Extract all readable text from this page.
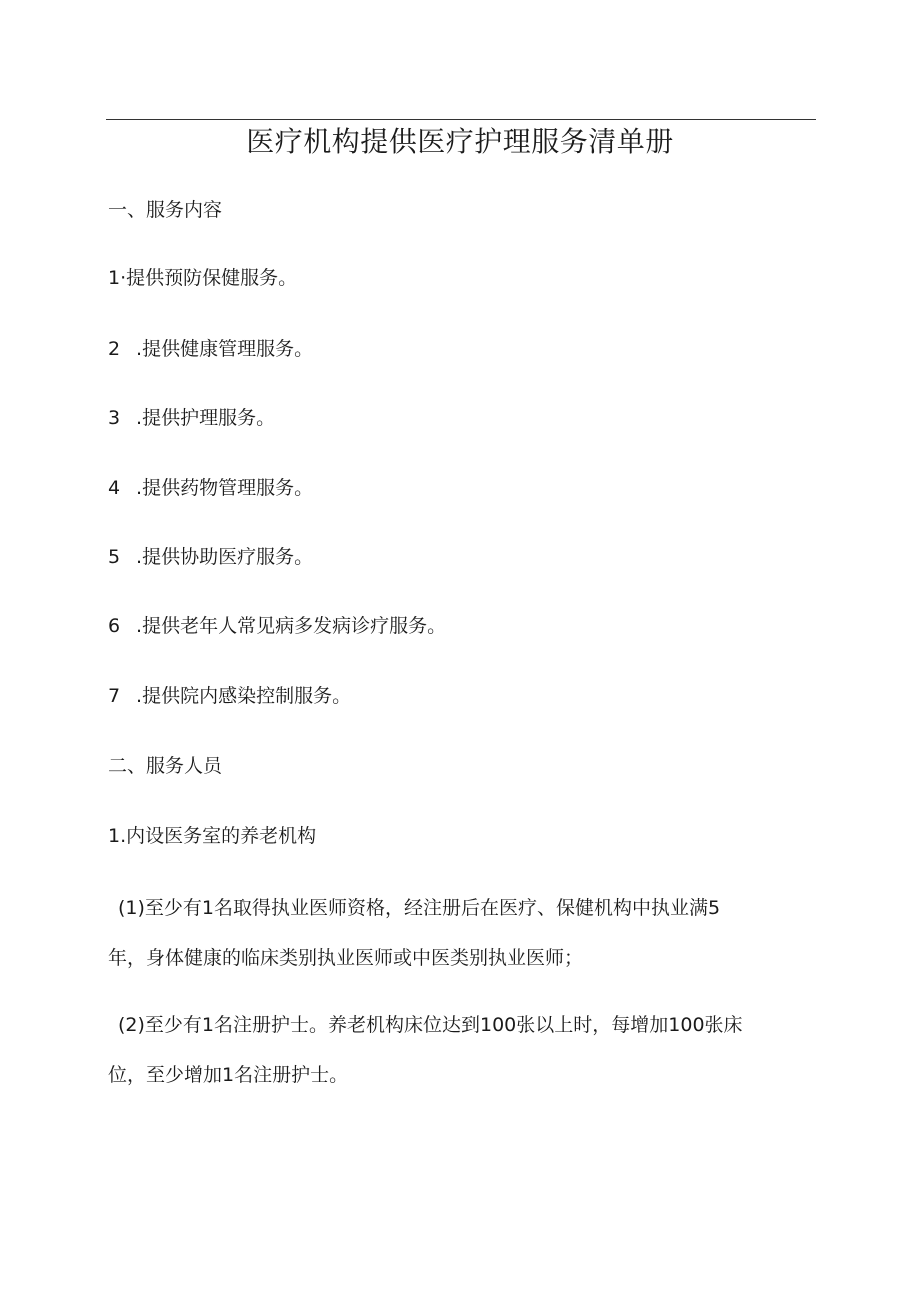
医疗机构提供医疗护理服务清单册
一、服务内容
1·提供预防保健服务。
2 .提供健康管理服务。
3 .提供护理服务。
4 .提供药物管理服务。
5 .提供协助医疗服务。
6 .提供老年人常见病多发病诊疗服务。
7 .提供院内感染控制服务。
二、服务人员
1.内设医务室的养老机构
(1)至少有1名取得执业医师资格，经注册后在医疗、保健机构中执业满5
年，身体健康的临床类别执业医师或中医类别执业医师；
(2)至少有1名注册护士。养老机构床位达到100张以上时，每增加100张床
位，至少增加1名注册护士。
